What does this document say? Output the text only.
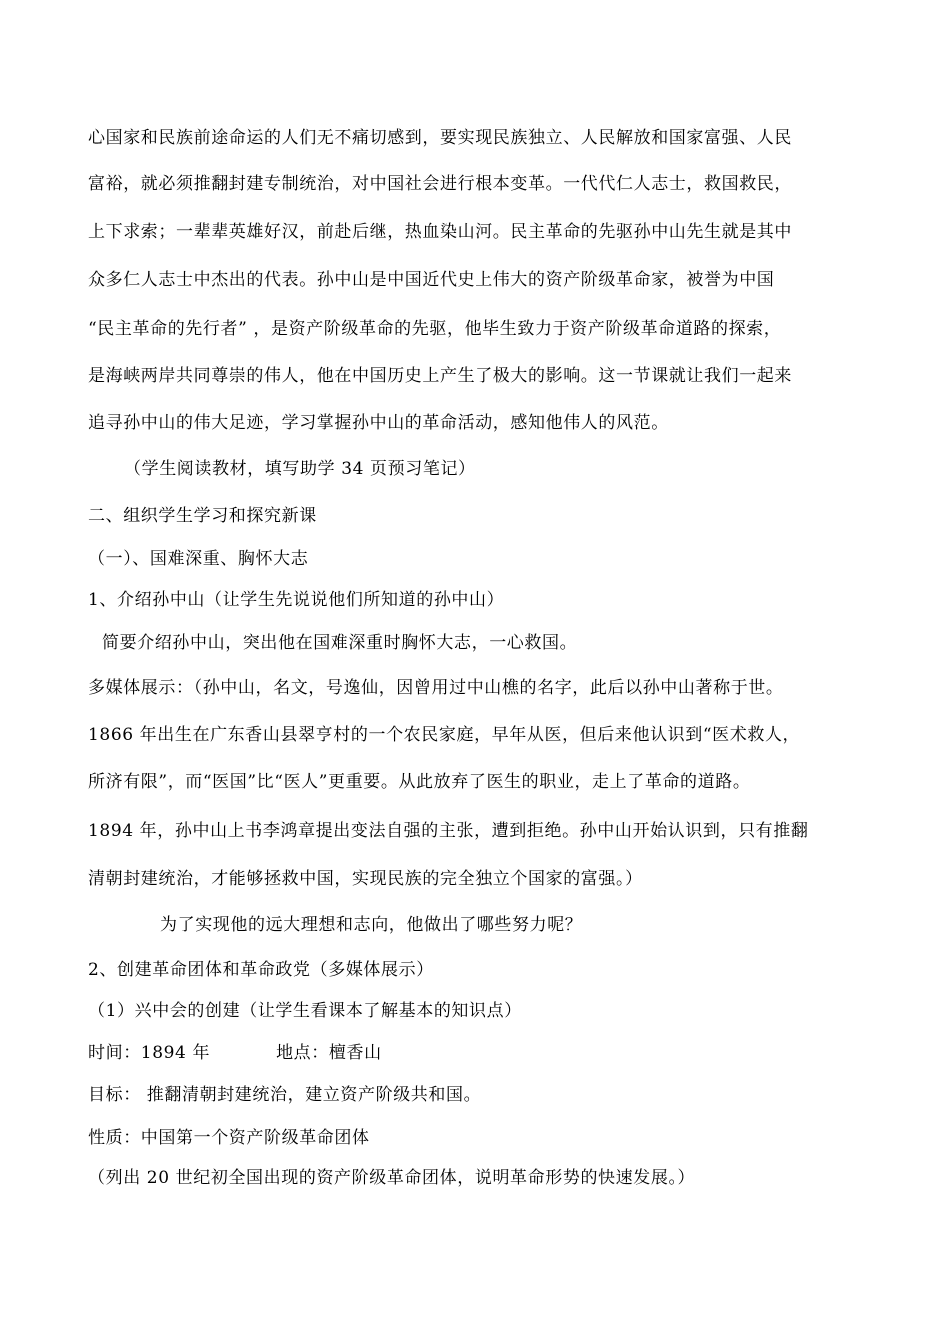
心国家和民族前途命运的人们无不痛切感到，要实现民族独立、人民解放和国家富强、人民
富裕，就必须推翻封建专制统治，对中国社会进行根本变革。一代代仁人志士，救国救民，
上下求索；一辈辈英雄好汉，前赴后继，热血染山河。民主革命的先驱孙中山先生就是其中
众多仁人志士中杰出的代表。孙中山是中国近代史上伟大的资产阶级革命家，被誉为中国
“民主革命的先行者” ，是资产阶级革命的先驱，他毕生致力于资产阶级革命道路的探索，
是海峡两岸共同尊崇的伟人，他在中国历史上产生了极大的影响。这一节课就让我们一起来
追寻孙中山的伟大足迹，学习掌握孙中山的革命活动，感知他伟人的风范。
（学生阅读教材，填写助学 34 页预习笔记）
二、组织学生学习和探究新课
（一）、国难深重、胸怀大志
1、介绍孙中山（让学生先说说他们所知道的孙中山）
简要介绍孙中山，突出他在国难深重时胸怀大志，一心救国。
多媒体展示：（孙中山，名文，号逸仙，因曾用过中山樵的名字，此后以孙中山著称于世。
1866 年出生在广东香山县翠亨村的一个农民家庭，早年从医，但后来他认识到“医术救人，
所济有限”，而“医国”比“医人”更重要。从此放弃了医生的职业，走上了革命的道路。
1894 年，孙中山上书李鸿章提出变法自强的主张，遭到拒绝。孙中山开始认识到，只有推翻
清朝封建统治，才能够拯救中国，实现民族的完全独立个国家的富强。）
为了实现他的远大理想和志向，他做出了哪些努力呢？
2、创建革命团体和革命政党（多媒体展示）
（1）兴中会的创建（让学生看课本了解基本的知识点）
时间：1894 年	地点：檀香山
目标： 推翻清朝封建统治，建立资产阶级共和国。
性质：中国第一个资产阶级革命团体
（列出 20 世纪初全国出现的资产阶级革命团体，说明革命形势的快速发展。）
